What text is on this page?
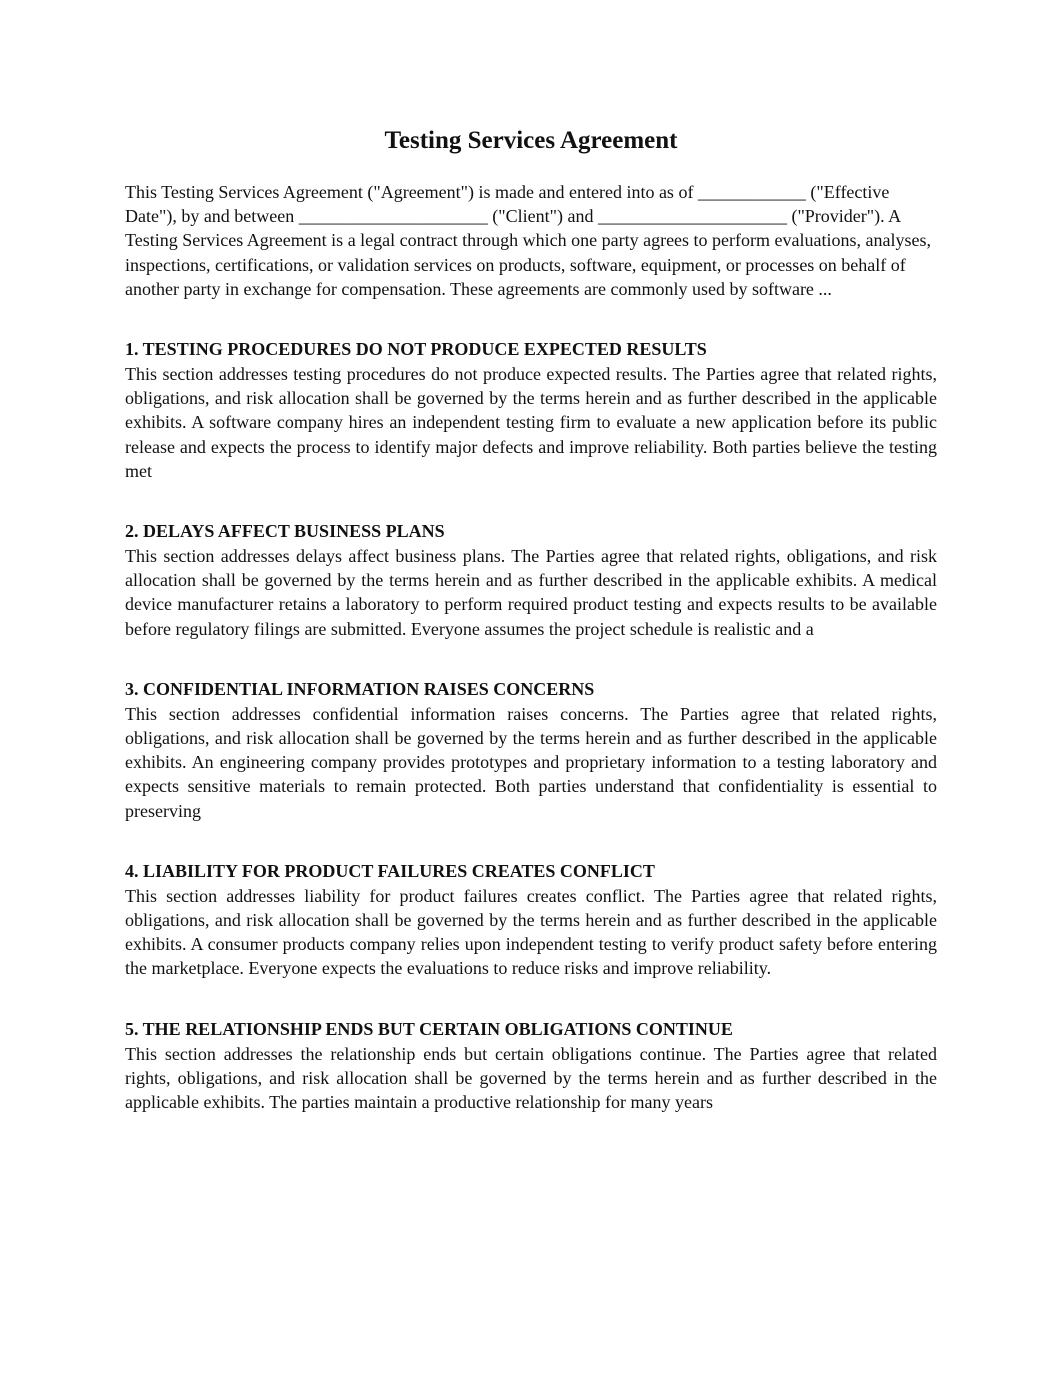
Testing Services Agreement

This Testing Services Agreement ("Agreement") is made and entered into as of ____________ ("Effective Date"), by and between _____________________ ("Client") and _____________________ ("Provider"). A Testing Services Agreement is a legal contract through which one party agrees to perform evaluations, analyses, inspections, certifications, or validation services on products, software, equipment, or processes on behalf of another party in exchange for compensation. These agreements are commonly used by software ...

1. TESTING PROCEDURES DO NOT PRODUCE EXPECTED RESULTS

This section addresses testing procedures do not produce expected results. The Parties agree that related rights, obligations, and risk allocation shall be governed by the terms herein and as further described in the applicable exhibits. A software company hires an independent testing firm to evaluate a new application before its public release and expects the process to identify major defects and improve reliability. Both parties believe the testing met

2. DELAYS AFFECT BUSINESS PLANS

This section addresses delays affect business plans. The Parties agree that related rights, obligations, and risk allocation shall be governed by the terms herein and as further described in the applicable exhibits. A medical device manufacturer retains a laboratory to perform required product testing and expects results to be available before regulatory filings are submitted. Everyone assumes the project schedule is realistic and a

3. CONFIDENTIAL INFORMATION RAISES CONCERNS

This section addresses confidential information raises concerns. The Parties agree that related rights, obligations, and risk allocation shall be governed by the terms herein and as further described in the applicable exhibits. An engineering company provides prototypes and proprietary information to a testing laboratory and expects sensitive materials to remain protected. Both parties understand that confidentiality is essential to preserving

4. LIABILITY FOR PRODUCT FAILURES CREATES CONFLICT

This section addresses liability for product failures creates conflict. The Parties agree that related rights, obligations, and risk allocation shall be governed by the terms herein and as further described in the applicable exhibits. A consumer products company relies upon independent testing to verify product safety before entering the marketplace. Everyone expects the evaluations to reduce risks and improve reliability.

5. THE RELATIONSHIP ENDS BUT CERTAIN OBLIGATIONS CONTINUE

This section addresses the relationship ends but certain obligations continue. The Parties agree that related rights, obligations, and risk allocation shall be governed by the terms herein and as further described in the applicable exhibits. The parties maintain a productive relationship for many years
